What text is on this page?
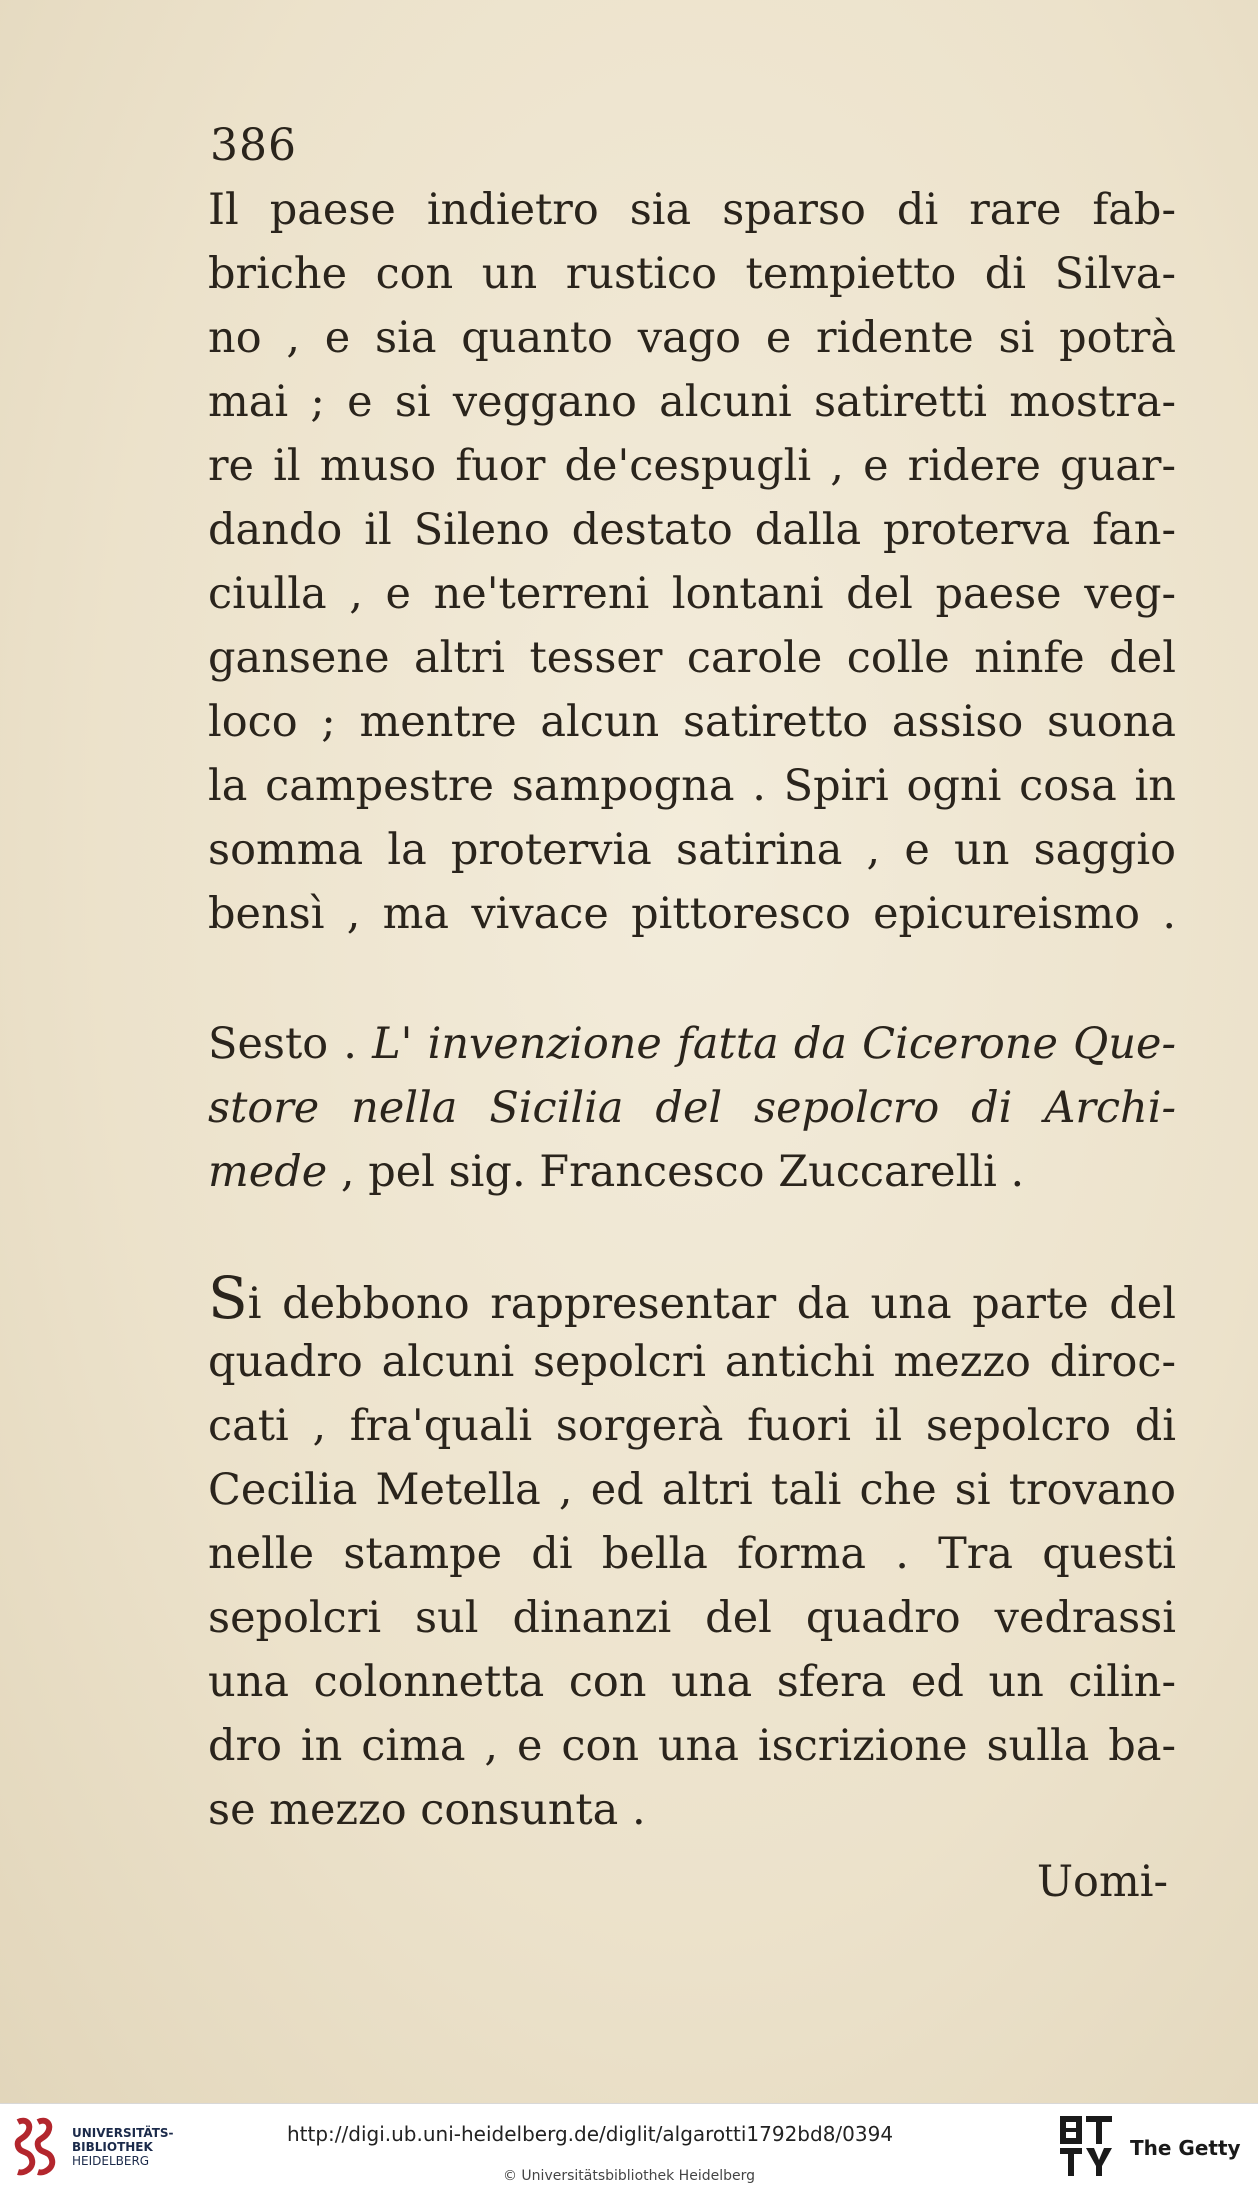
386
Il paese indietro sia sparso di rare fab-
briche con un rustico tempietto di Silva-
no , e sia quanto vago e ridente si potrà
mai ; e si veggano alcuni satiretti mostra-
re il muso fuor de'cespugli , e ridere guar-
dando il Sileno destato dalla proterva fan-
ciulla , e ne'terreni lontani del paese veg-
gansene altri tesser carole colle ninfe del
loco ; mentre alcun satiretto assiso suona
la campestre sampogna . Spiri ogni cosa in
somma la protervia satirina , e un saggio
bensì , ma vivace pittoresco epicureismo .
Sesto . L' invenzione fatta da Cicerone Que-
store nella Sicilia del sepolcro di Archi-
mede , pel sig. Francesco Zuccarelli .
Si debbono rappresentar da una parte del
quadro alcuni sepolcri antichi mezzo diroc-
cati , fra'quali sorgerà fuori il sepolcro di
Cecilia Metella , ed altri tali che si trovano
nelle stampe di bella forma . Tra questi
sepolcri sul dinanzi del quadro vedrassi
una colonnetta con una sfera ed un cilin-
dro in cima , e con una iscrizione sulla ba-
se mezzo consunta .
Uomi-
UNIVERSITÄTS-
BIBLIOTHEK
HEIDELBERG
http://digi.ub.uni-heidelberg.de/diglit/algarotti1792bd8/0394
© Universitätsbibliothek Heidelberg
The Getty
